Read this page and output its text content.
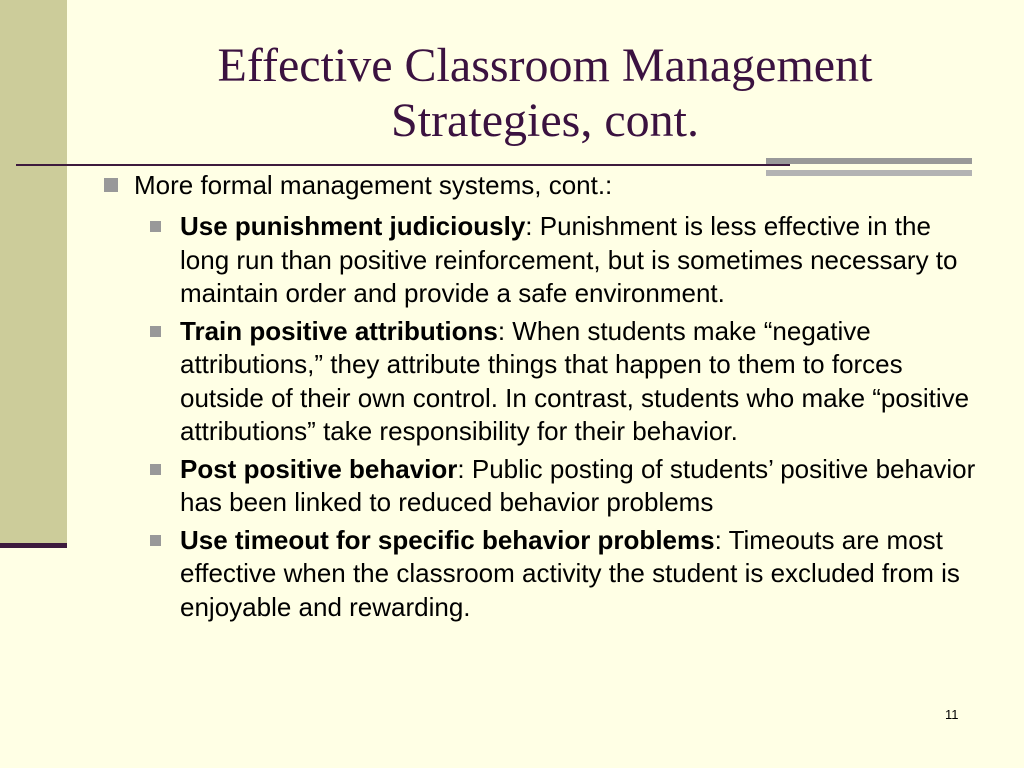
Effective Classroom Management
Strategies, cont.
More formal management systems, cont.:
Use punishment judiciously: Punishment is less effective in the long run than positive reinforcement, but is sometimes necessary to maintain order and provide a safe environment.
Train positive attributions: When students make “negative attributions,” they attribute things that happen to them to forces outside of their own control. In contrast, students who make “positive attributions” take responsibility for their behavior.
Post positive behavior: Public posting of students’ positive behavior has been linked to reduced behavior problems
Use timeout for specific behavior problems: Timeouts are most effective when the classroom activity the student is excluded from is enjoyable and rewarding.
11
